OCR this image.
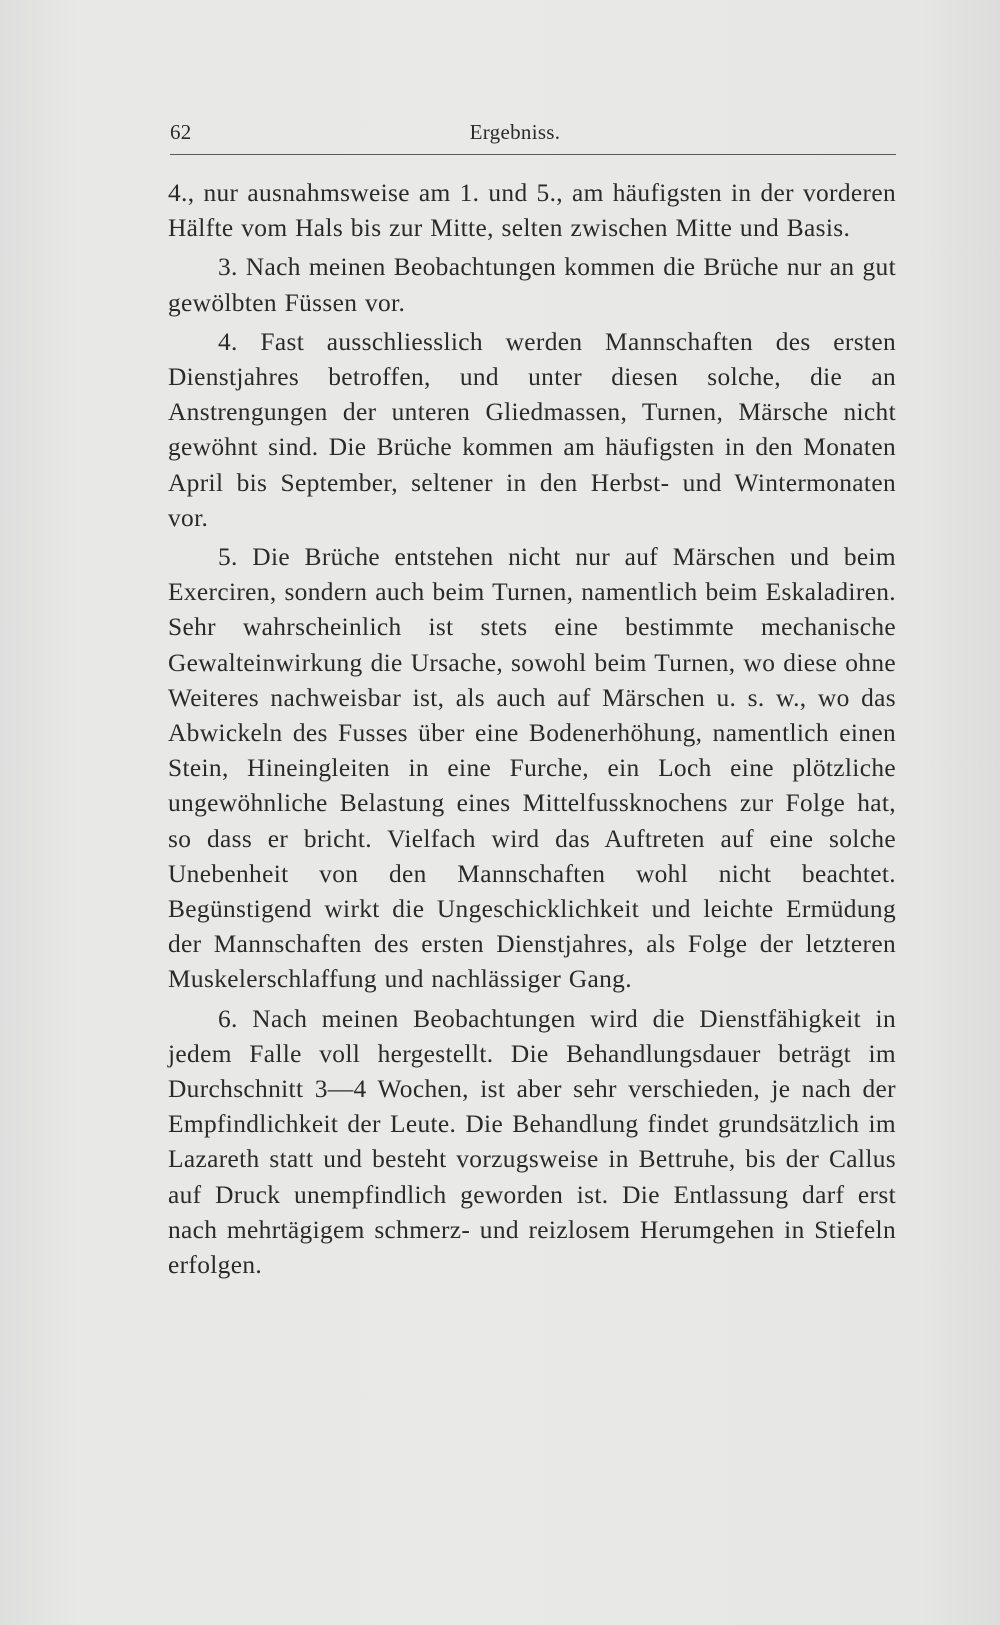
62	Ergebniss.

4., nur ausnahmsweise am 1. und 5., am häufigsten in der vorderen Hälfte vom Hals bis zur Mitte, selten zwischen Mitte und Basis.

3. Nach meinen Beobachtungen kommen die Brüche nur an gut gewölbten Füssen vor.

4. Fast ausschliesslich werden Mannschaften des ersten Dienstjahres betroffen, und unter diesen solche, die an Anstrengungen der unteren Gliedmassen, Turnen, Märsche nicht gewöhnt sind. Die Brüche kommen am häufigsten in den Monaten April bis September, seltener in den Herbst- und Wintermonaten vor.

5. Die Brüche entstehen nicht nur auf Märschen und beim Exerciren, sondern auch beim Turnen, namentlich beim Eskaladiren. Sehr wahrscheinlich ist stets eine bestimmte mechanische Gewalteinwirkung die Ursache, sowohl beim Turnen, wo diese ohne Weiteres nachweisbar ist, als auch auf Märschen u. s. w., wo das Abwickeln des Fusses über eine Bodenerhöhung, namentlich einen Stein, Hineingleiten in eine Furche, ein Loch eine plötzliche ungewöhnliche Belastung eines Mittelfussknochens zur Folge hat, so dass er bricht. Vielfach wird das Auftreten auf eine solche Unebenheit von den Mannschaften wohl nicht beachtet. Begünstigend wirkt die Ungeschicklichkeit und leichte Ermüdung der Mannschaften des ersten Dienstjahres, als Folge der letzteren Muskelerschlaffung und nachlässiger Gang.

6. Nach meinen Beobachtungen wird die Dienstfähigkeit in jedem Falle voll hergestellt. Die Behandlungsdauer beträgt im Durchschnitt 3—4 Wochen, ist aber sehr verschieden, je nach der Empfindlichkeit der Leute. Die Behandlung findet grundsätzlich im Lazareth statt und besteht vorzugsweise in Bettruhe, bis der Callus auf Druck unempfindlich geworden ist. Die Entlassung darf erst nach mehrtägigem schmerz- und reizlosem Herumgehen in Stiefeln erfolgen.
